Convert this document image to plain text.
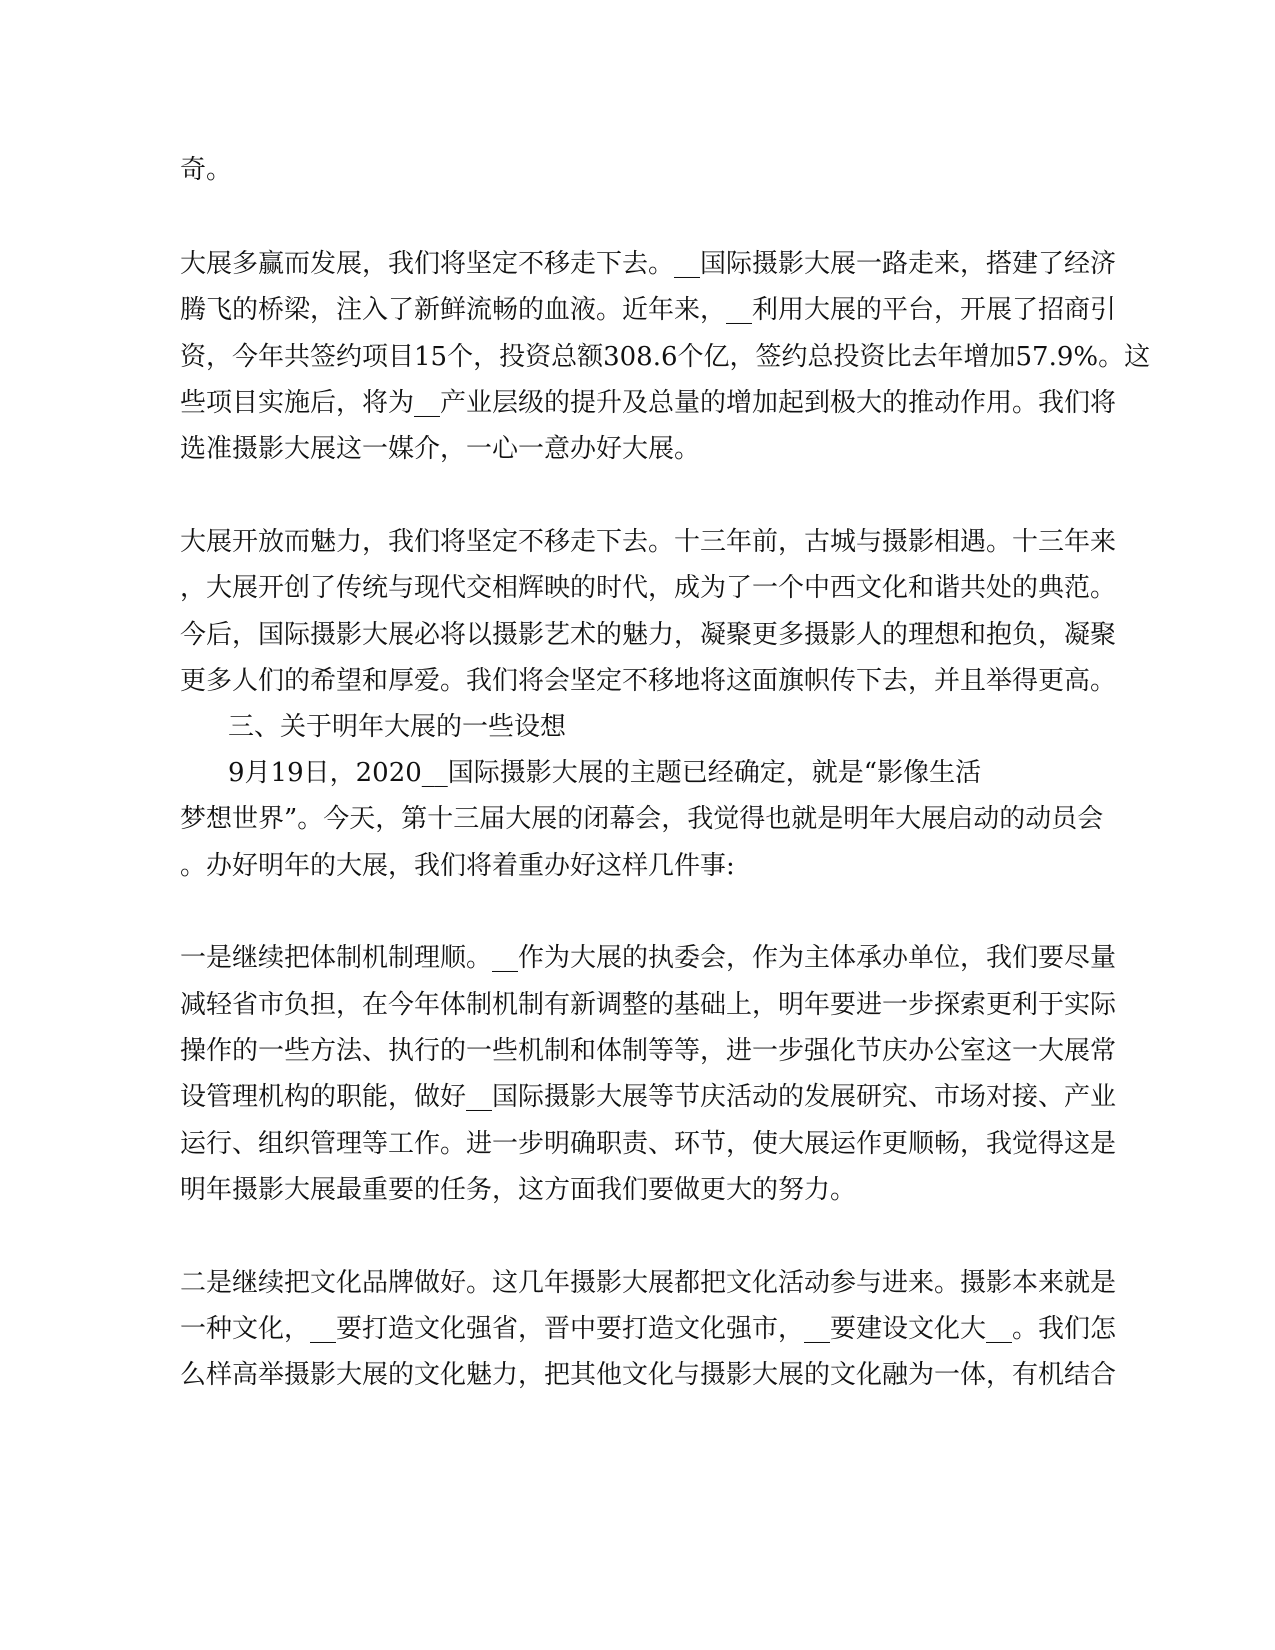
奇。
大展多赢而发展，我们将坚定不移走下去。__国际摄影大展一路走来，搭建了经济
腾飞的桥梁，注入了新鲜流畅的血液。近年来，__利用大展的平台，开展了招商引
资，今年共签约项目15个，投资总额308.6个亿，签约总投资比去年增加57.9%。这
些项目实施后，将为__产业层级的提升及总量的增加起到极大的推动作用。我们将
选准摄影大展这一媒介，一心一意办好大展。
大展开放而魅力，我们将坚定不移走下去。十三年前，古城与摄影相遇。十三年来
，大展开创了传统与现代交相辉映的时代，成为了一个中西文化和谐共处的典范。
今后，国际摄影大展必将以摄影艺术的魅力，凝聚更多摄影人的理想和抱负，凝聚
更多人们的希望和厚爱。我们将会坚定不移地将这面旗帜传下去，并且举得更高。
三、关于明年大展的一些设想
9月19日，2020__国际摄影大展的主题已经确定，就是“影像生活
梦想世界”。今天，第十三届大展的闭幕会，我觉得也就是明年大展启动的动员会
。办好明年的大展，我们将着重办好这样几件事:
一是继续把体制机制理顺。__作为大展的执委会，作为主体承办单位，我们要尽量
减轻省市负担，在今年体制机制有新调整的基础上，明年要进一步探索更利于实际
操作的一些方法、执行的一些机制和体制等等，进一步强化节庆办公室这一大展常
设管理机构的职能，做好__国际摄影大展等节庆活动的发展研究、市场对接、产业
运行、组织管理等工作。进一步明确职责、环节，使大展运作更顺畅，我觉得这是
明年摄影大展最重要的任务，这方面我们要做更大的努力。
二是继续把文化品牌做好。这几年摄影大展都把文化活动参与进来。摄影本来就是
一种文化，__要打造文化强省，晋中要打造文化强市，__要建设文化大__。我们怎
么样高举摄影大展的文化魅力，把其他文化与摄影大展的文化融为一体，有机结合
